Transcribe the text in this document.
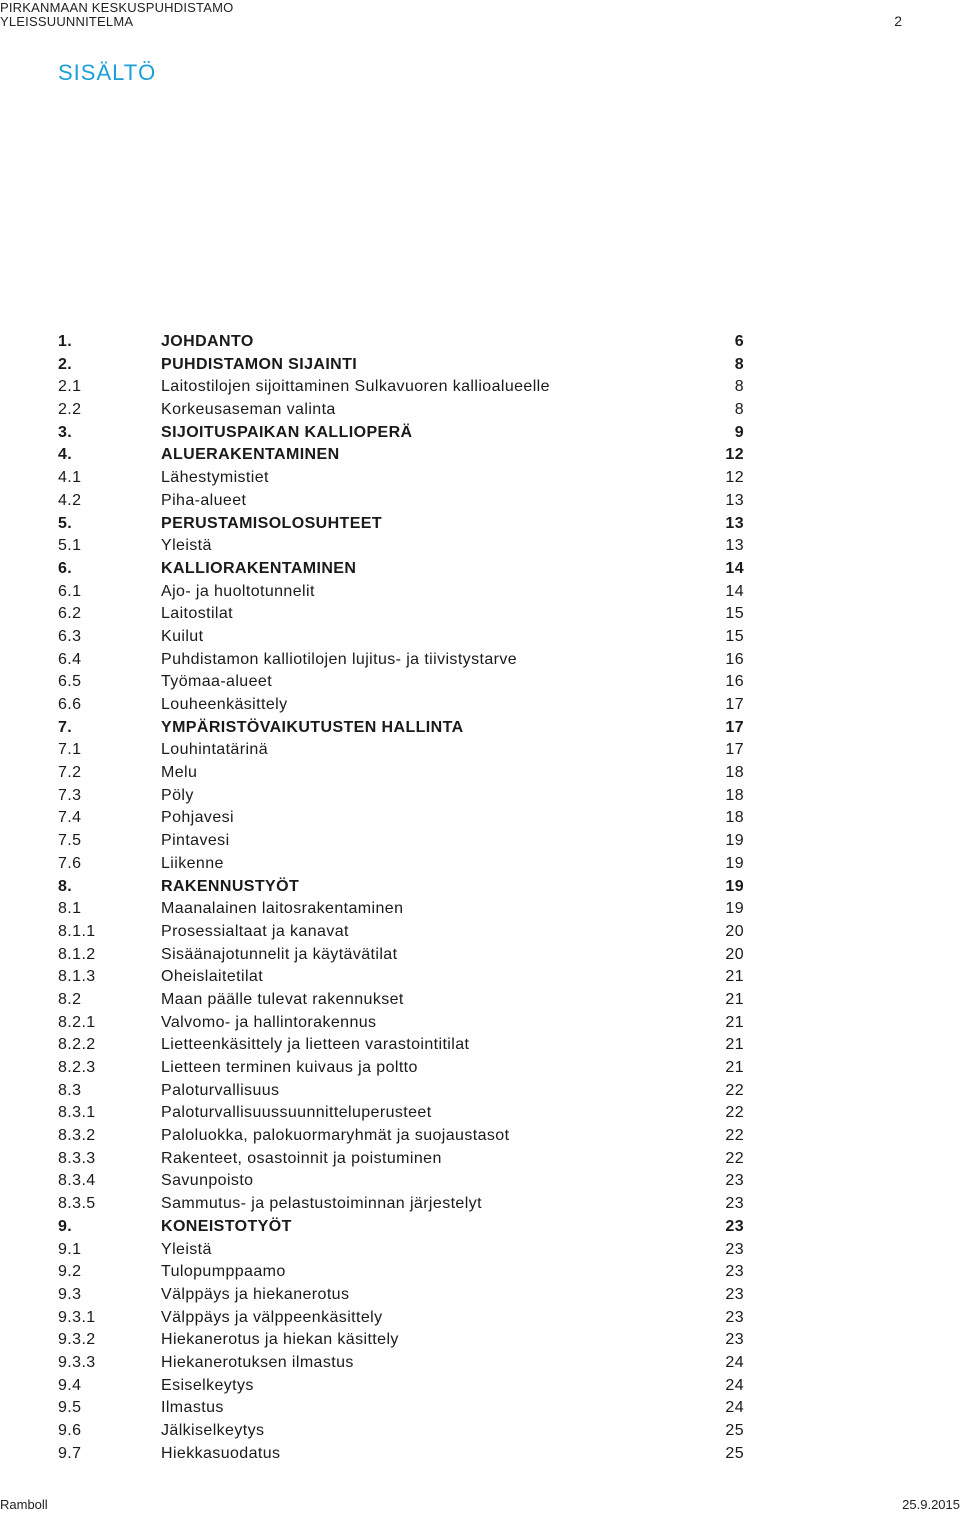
PIRKANMAAN KESKUSPUHDISTAMO
YLEISSUUNNITELMA	2
SISÄLTÖ
1.	JOHDANTO	6
2.	PUHDISTAMON SIJAINTI	8
2.1	Laitostilojen sijoittaminen Sulkavuoren kallioalueelle	8
2.2	Korkeusaseman valinta	8
3.	SIJOITUSPAIKAN KALLIOPERÄ	9
4.	ALUERAKENTAMINEN	12
4.1	Lähestymistiet	12
4.2	Piha-alueet	13
5.	PERUSTAMISOLOSUHTEET	13
5.1	Yleistä	13
6.	KALLIORAKENTAMINEN	14
6.1	Ajo- ja huoltotunnelit	14
6.2	Laitostilat	15
6.3	Kuilut	15
6.4	Puhdistamon kalliotilojen lujitus- ja tiivistystarve	16
6.5	Työmaa-alueet	16
6.6	Louheenkäsittely	17
7.	YMPÄRISTÖVAIKUTUSTEN HALLINTA	17
7.1	Louhintatärinä	17
7.2	Melu	18
7.3	Pöly	18
7.4	Pohjavesi	18
7.5	Pintavesi	19
7.6	Liikenne	19
8.	RAKENNUSTYÖT	19
8.1	Maanalainen laitosrakentaminen	19
8.1.1	Prosessialtaat ja kanavat	20
8.1.2	Sisäänajotunnelit ja käytävätilat	20
8.1.3	Oheislaitetilat	21
8.2	Maan päälle tulevat rakennukset	21
8.2.1	Valvomo- ja hallintorakennus	21
8.2.2	Lietteenkäsittely ja lietteen varastointitilat	21
8.2.3	Lietteen terminen kuivaus ja poltto	21
8.3	Paloturvallisuus	22
8.3.1	Paloturvallisuussuunnitteluperusteet	22
8.3.2	Paloluokka, palokuormaryhmät ja suojaustasot	22
8.3.3	Rakenteet, osastoinnit ja poistuminen	22
8.3.4	Savunpoisto	23
8.3.5	Sammutus- ja pelastustoiminnan järjestelyt	23
9.	KONEISTOTYÖT	23
9.1	Yleistä	23
9.2	Tulopumppaamo	23
9.3	Välppäys ja hiekanerotus	23
9.3.1	Välppäys ja välppeenkäsittely	23
9.3.2	Hiekanerotus ja hiekan käsittely	23
9.3.3	Hiekanerotuksen ilmastus	24
9.4	Esiselkeytys	24
9.5	Ilmastus	24
9.6	Jälkiselkeytys	25
9.7	Hiekkasuodatus	25
Ramboll	25.9.2015
